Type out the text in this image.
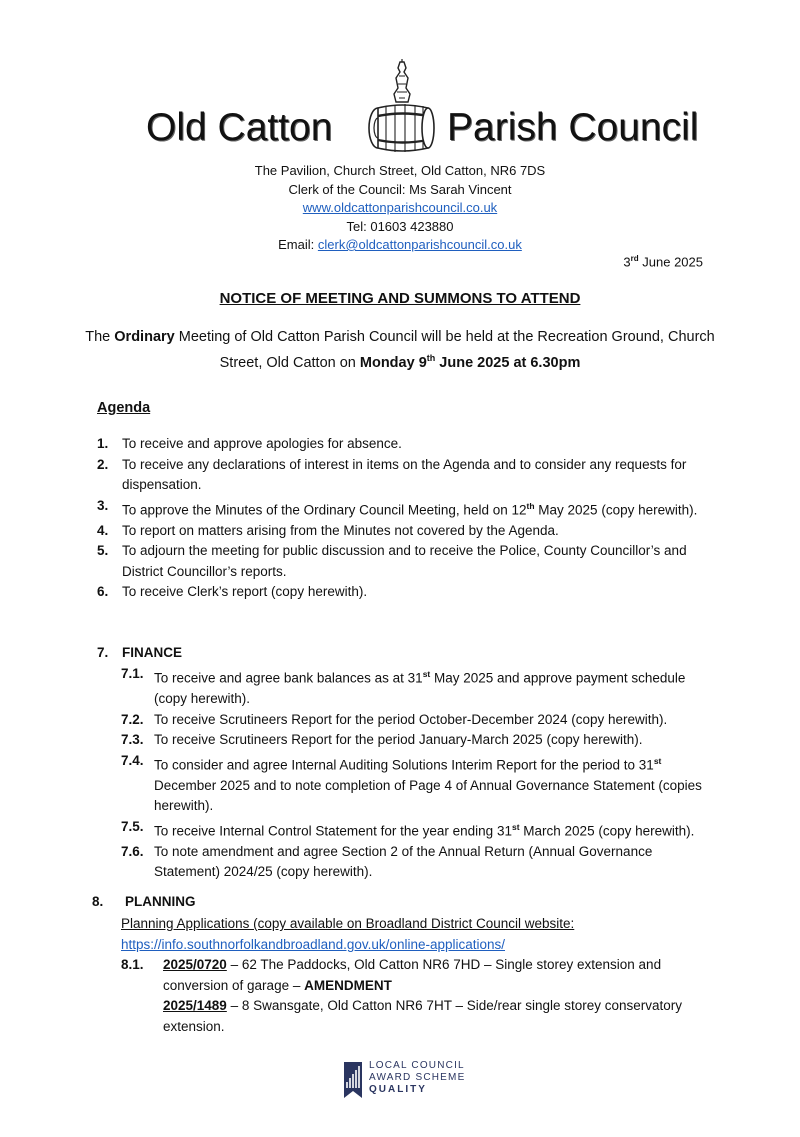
Old Catton	Parish Council
The Pavilion, Church Street, Old Catton, NR6 7DS
Clerk of the Council: Ms Sarah Vincent
www.oldcattonparishcouncil.co.uk
Tel: 01603 423880
Email: clerk@oldcattonparishcouncil.co.uk
3rd June 2025
NOTICE OF MEETING AND SUMMONS TO ATTEND
The Ordinary Meeting of Old Catton Parish Council will be held at the Recreation Ground, Church Street, Old Catton on Monday 9th June 2025 at 6.30pm
Agenda
1. To receive and approve apologies for absence.
2. To receive any declarations of interest in items on the Agenda and to consider any requests for dispensation.
3. To approve the Minutes of the Ordinary Council Meeting, held on 12th May 2025 (copy herewith).
4. To report on matters arising from the Minutes not covered by the Agenda.
5. To adjourn the meeting for public discussion and to receive the Police, County Councillor’s and District Councillor’s reports.
6. To receive Clerk’s report (copy herewith).
7. FINANCE
7.1. To receive and agree bank balances as at 31st May 2025 and approve payment schedule (copy herewith).
7.2. To receive Scrutineers Report for the period October-December 2024 (copy herewith).
7.3. To receive Scrutineers Report for the period January-March 2025 (copy herewith).
7.4. To consider and agree Internal Auditing Solutions Interim Report for the period to 31st December 2025 and to note completion of Page 4 of Annual Governance Statement (copies herewith).
7.5. To receive Internal Control Statement for the year ending 31st March 2025 (copy herewith).
7.6. To note amendment and agree Section 2 of the Annual Return (Annual Governance Statement) 2024/25 (copy herewith).
8. PLANNING
Planning Applications (copy available on Broadland District Council website:
https://info.southnorfolkandbroadland.gov.uk/online-applications/
8.1. 2025/0720 – 62 The Paddocks, Old Catton NR6 7HD – Single storey extension and conversion of garage – AMENDMENT
2025/1489 – 8 Swansgate, Old Catton NR6 7HT – Side/rear single storey conservatory extension.
LOCAL COUNCIL
AWARD SCHEME
QUALITY
